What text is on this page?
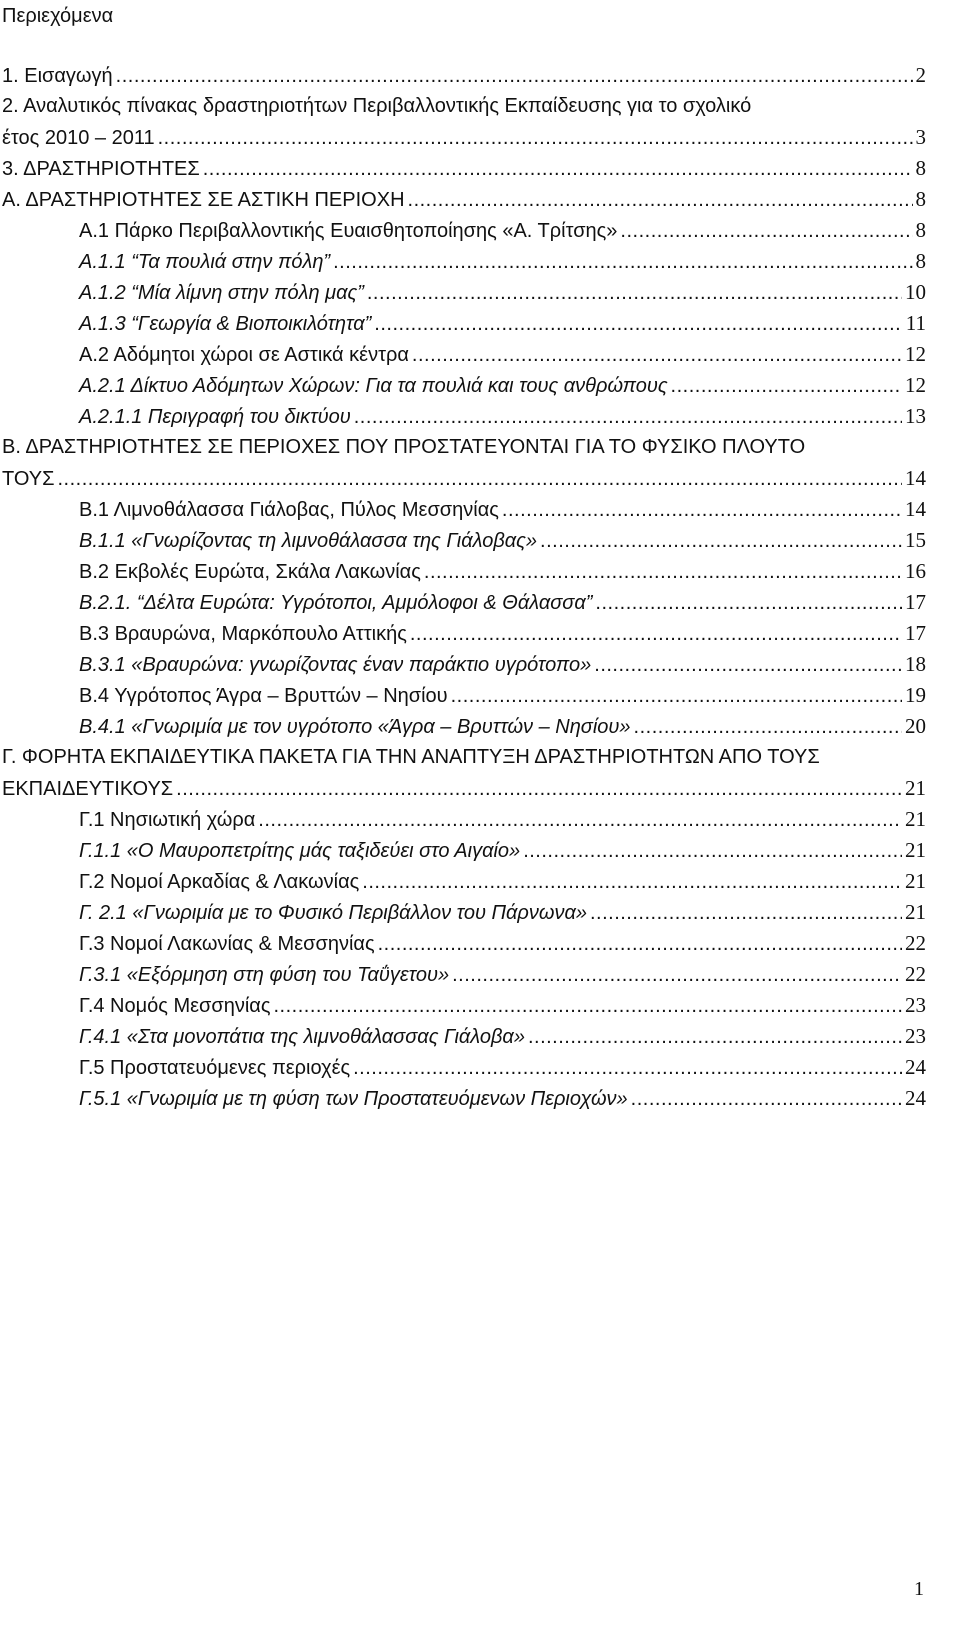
Περιεχόμενα
1. Εισαγωγή .....	2
2. Αναλυτικός πίνακας δραστηριοτήτων Περιβαλλοντικής Εκπαίδευσης για το σχολικό
έτος 2010 – 2011 .....	3
3. ΔΡΑΣΤΗΡΙΟΤΗΤΕΣ .....	8
Α. ΔΡΑΣΤΗΡΙΟΤΗΤΕΣ ΣΕ ΑΣΤΙΚΗ ΠΕΡΙΟΧΗ .....	8
Α.1 Πάρκο Περιβαλλοντικής Ευαισθητοποίησης «Α. Τρίτσης» .....	8
Α.1.1 “Τα πουλιά στην πόλη” .....	8
Α.1.2 “Μία λίμνη στην πόλη μας” .....	10
Α.1.3 “Γεωργία & Βιοποικιλότητα” .....	11
Α.2 Αδόμητοι χώροι σε Αστικά κέντρα .....	12
Α.2.1 Δίκτυο Αδόμητων Χώρων: Για τα πουλιά και τους ανθρώπους .....	12
Α.2.1.1 Περιγραφή του δικτύου .....	13
Β. ΔΡΑΣΤΗΡΙΟΤΗΤΕΣ ΣΕ ΠΕΡΙΟΧΕΣ ΠΟΥ ΠΡΟΣΤΑΤΕΥΟΝΤΑΙ ΓΙΑ ΤΟ ΦΥΣΙΚΟ ΠΛΟΥΤΟ
ΤΟΥΣ .....	14
Β.1 Λιμνοθάλασσα Γιάλοβας, Πύλος Μεσσηνίας .....	14
Β.1.1 «Γνωρίζοντας τη λιμνοθάλασσα της Γιάλοβας» .....	15
Β.2 Εκβολές Ευρώτα, Σκάλα Λακωνίας .....	16
Β.2.1. “Δέλτα Ευρώτα: Υγρότοποι, Αμμόλοφοι & Θάλασσα” .....	17
Β.3 Βραυρώνα, Μαρκόπουλο Αττικής .....	17
Β.3.1 «Βραυρώνα: γνωρίζοντας έναν παράκτιο υγρότοπο» .....	18
Β.4 Υγρότοπος Άγρα – Βρυττών – Νησίου .....	19
Β.4.1 «Γνωριμία με τον υγρότοπο «Άγρα – Βρυττών – Νησίου» .....	20
Γ. ΦΟΡΗΤΑ ΕΚΠΑΙΔΕΥΤΙΚΑ ΠΑΚΕΤΑ ΓΙΑ ΤΗΝ ΑΝΑΠΤΥΞΗ ΔΡΑΣΤΗΡΙΟΤΗΤΩΝ ΑΠΟ ΤΟΥΣ
ΕΚΠΑΙΔΕΥΤΙΚΟΥΣ .....	21
Γ.1 Νησιωτική χώρα .....	21
Γ.1.1 «Ο Μαυροπετρίτης μάς ταξιδεύει στο Αιγαίο» .....	21
Γ.2 Νομοί Αρκαδίας & Λακωνίας .....	21
Γ. 2.1 «Γνωριμία με το Φυσικό Περιβάλλον του Πάρνωνα» .....	21
Γ.3 Νομοί Λακωνίας & Μεσσηνίας .....	22
Γ.3.1 «Εξόρμηση στη φύση του Ταΰγετου» .....	22
Γ.4 Νομός Μεσσηνίας .....	23
Γ.4.1 «Στα μονοπάτια της λιμνοθάλασσας Γιάλοβα» .....	23
Γ.5 Προστατευόμενες περιοχές .....	24
Γ.5.1 «Γνωριμία με τη φύση των Προστατευόμενων Περιοχών» .....	24
1
